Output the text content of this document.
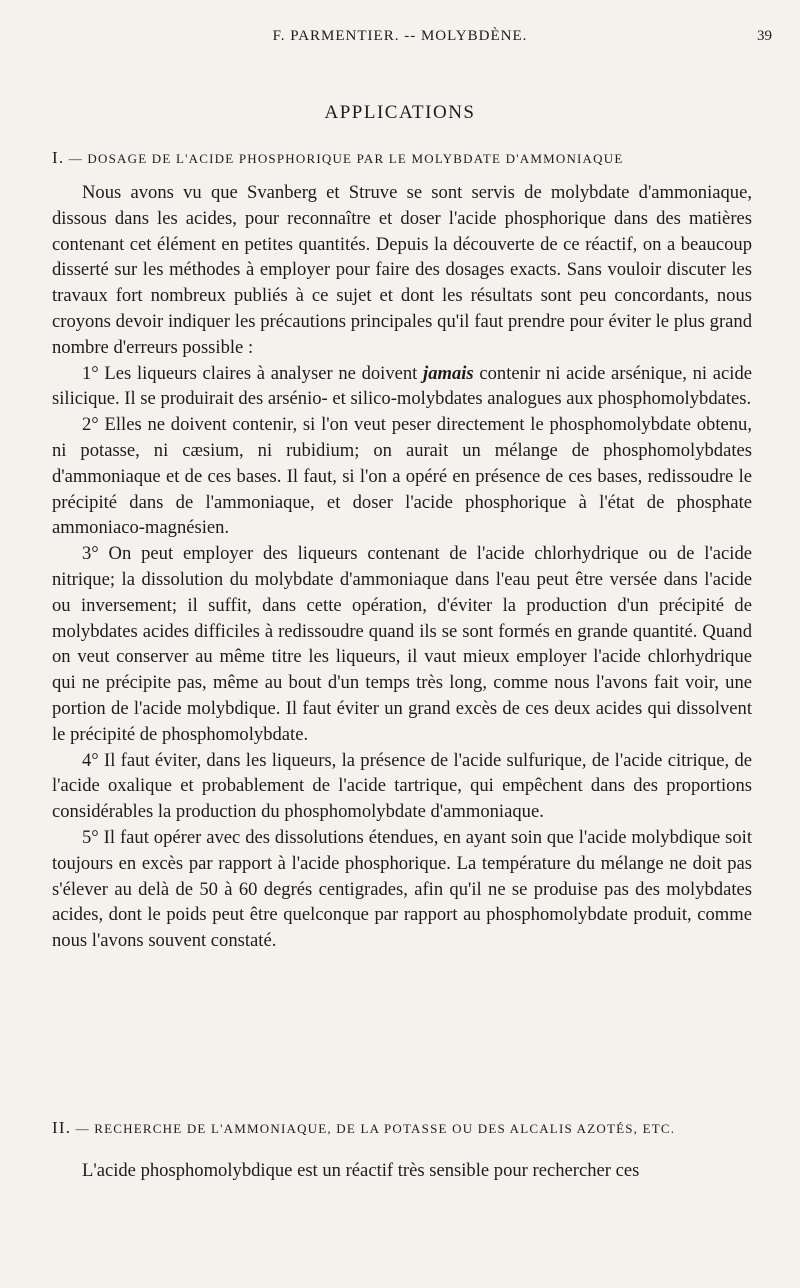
F. PARMENTIER. -- MOLYBDÈNE.	39
APPLICATIONS
I. — DOSAGE DE L'ACIDE PHOSPHORIQUE PAR LE MOLYBDATE D'AMMONIAQUE

Nous avons vu que Svanberg et Struve se sont servis de molybdate d'ammoniaque, dissous dans les acides, pour reconnaître et doser l'acide phosphorique dans des matières contenant cet élément en petites quantités. Depuis la découverte de ce réactif, on a beaucoup disserté sur les méthodes à employer pour faire des dosages exacts. Sans vouloir discuter les travaux fort nombreux publiés à ce sujet et dont les résultats sont peu concordants, nous croyons devoir indiquer les précautions principales qu'il faut prendre pour éviter le plus grand nombre d'erreurs possible :

1° Les liqueurs claires à analyser ne doivent jamais contenir ni acide arsénique, ni acide silicique. Il se produirait des arsénio- et silico-molybdates analogues aux phosphomolybdates.

2° Elles ne doivent contenir, si l'on veut peser directement le phosphomolybdate obtenu, ni potasse, ni cæsium, ni rubidium; on aurait un mélange de phosphomolybdates d'ammoniaque et de ces bases. Il faut, si l'on a opéré en présence de ces bases, redissoudre le précipité dans de l'ammoniaque, et doser l'acide phosphorique à l'état de phosphate ammoniaco-magnésien.

3° On peut employer des liqueurs contenant de l'acide chlorhydrique ou de l'acide nitrique; la dissolution du molybdate d'ammoniaque dans l'eau peut être versée dans l'acide ou inversement; il suffit, dans cette opération, d'éviter la production d'un précipité de molybdates acides difficiles à redissoudre quand ils se sont formés en grande quantité. Quand on veut conserver au même titre les liqueurs, il vaut mieux employer l'acide chlorhydrique qui ne précipite pas, même au bout d'un temps très long, comme nous l'avons fait voir, une portion de l'acide molybdique. Il faut éviter un grand excès de ces deux acides qui dissolvent le précipité de phosphomolybdate.

4° Il faut éviter, dans les liqueurs, la présence de l'acide sulfurique, de l'acide citrique, de l'acide oxalique et probablement de l'acide tartrique, qui empêchent dans des proportions considérables la production du phosphomolybdate d'ammoniaque.

5° Il faut opérer avec des dissolutions étendues, en ayant soin que l'acide molybdique soit toujours en excès par rapport à l'acide phosphorique. La température du mélange ne doit pas s'élever au delà de 50 à 60 degrés centigrades, afin qu'il ne se produise pas des molybdates acides, dont le poids peut être quelconque par rapport au phosphomolybdate produit, comme nous l'avons souvent constaté.

II. — RECHERCHE DE L'AMMONIAQUE, DE LA POTASSE OU DES ALCALIS AZOTÉS, ETC.

L'acide phosphomolybdique est un réactif très sensible pour rechercher ces
